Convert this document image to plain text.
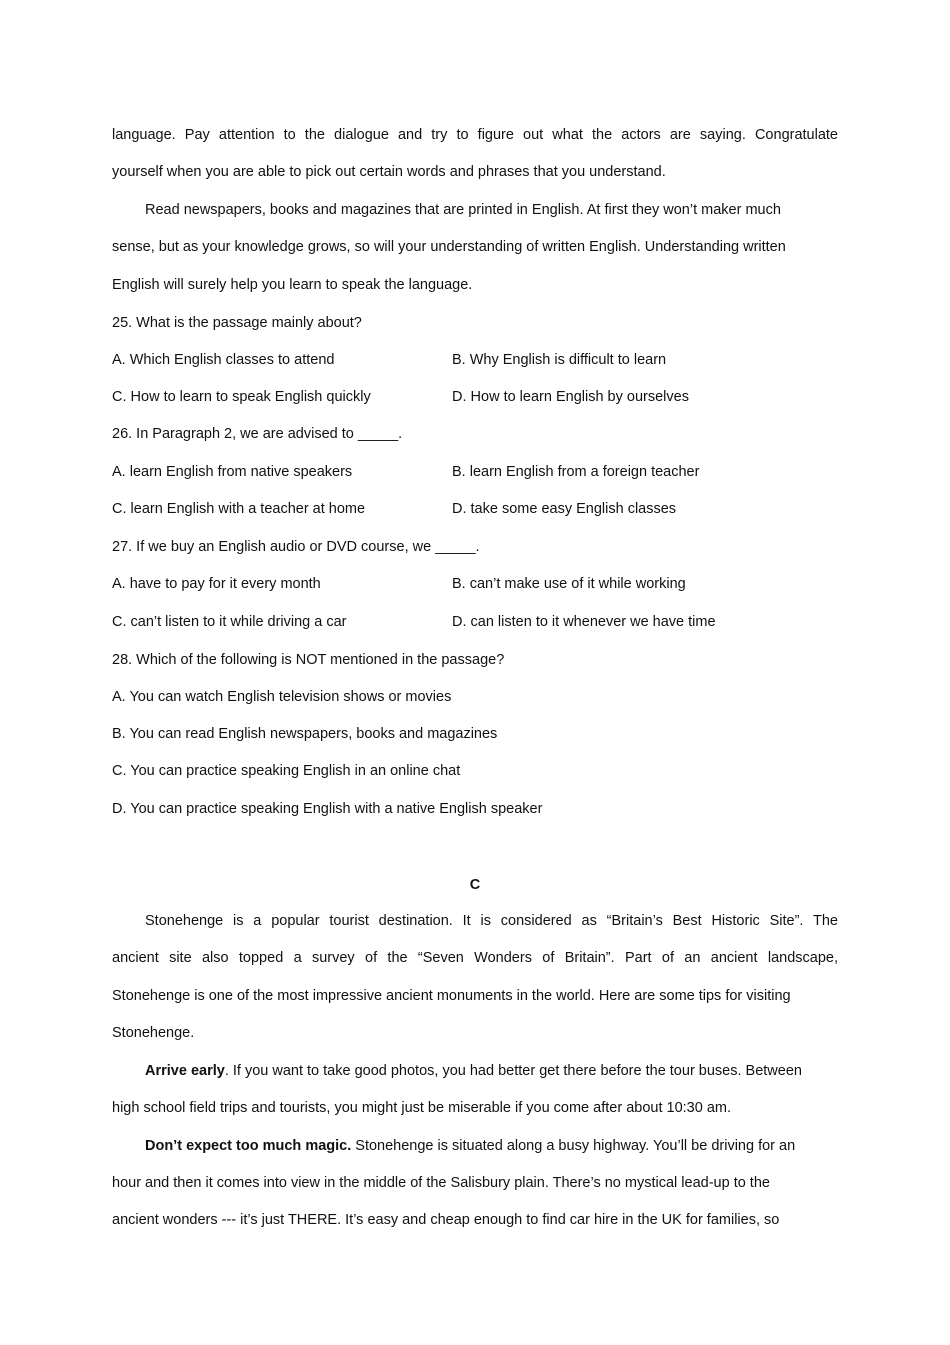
language. Pay attention to the dialogue and try to figure out what the actors are saying. Congratulate
yourself when you are able to pick out certain words and phrases that you understand.
Read newspapers, books and magazines that are printed in English. At first they won’t maker much
sense, but as your knowledge grows, so will your understanding of written English. Understanding written
English will surely help you learn to speak the language.
25. What is the passage mainly about?
A. Which English classes to attend	B. Why English is difficult to learn
C. How to learn to speak English quickly	D. How to learn English by ourselves
26. In Paragraph 2, we are advised to _____.
A. learn English from native speakers	B. learn English from a foreign teacher
C. learn English with a teacher at home	D. take some easy English classes
27. If we buy an English audio or DVD course, we _____.
A. have to pay for it every month	B. can’t make use of it while working
C. can’t listen to it while driving a car	D. can listen to it whenever we have time
28. Which of the following is NOT mentioned in the passage?
A. You can watch English television shows or movies
B. You can read English newspapers, books and magazines
C. You can practice speaking English in an online chat
D. You can practice speaking English with a native English speaker
C
Stonehenge is a popular tourist destination. It is considered as “Britain’s Best Historic Site”. The
ancient site also topped a survey of the “Seven Wonders of Britain”. Part of an ancient landscape,
Stonehenge is one of the most impressive ancient monuments in the world. Here are some tips for visiting
Stonehenge.
Arrive early. If you want to take good photos, you had better get there before the tour buses. Between
high school field trips and tourists, you might just be miserable if you come after about 10:30 am.
Don’t expect too much magic. Stonehenge is situated along a busy highway. You’ll be driving for an
hour and then it comes into view in the middle of the Salisbury plain. There’s no mystical lead-up to the
ancient wonders --- it’s just THERE. It’s easy and cheap enough to find car hire in the UK for families, so
